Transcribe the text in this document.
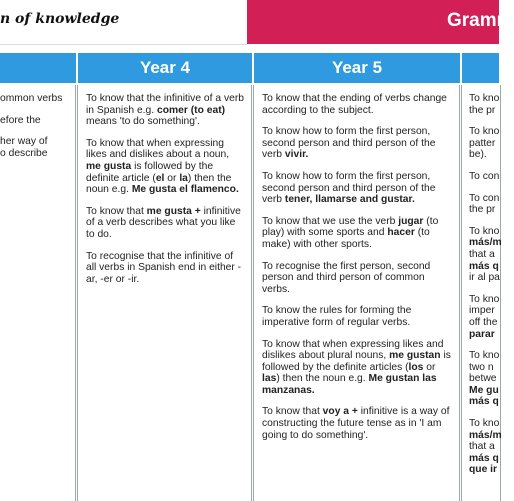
n of knowledge	Gramm
Year 4	Year 5

ommon verbs

efore the

her way of
o describe

To know that the infinitive of a verb in Spanish e.g. comer (to eat) means 'to do something'.

To know that when expressing likes and dislikes about a noun, me gusta is followed by the definite article (el or la) then the noun e.g. Me gusta el flamenco.

To know that me gusta + infinitive of a verb describes what you like to do.

To recognise that the infinitive of all verbs in Spanish end in either -ar, -er or -ir.

To know that the ending of verbs change according to the subject.

To know how to form the first person, second person and third person of the verb vivir.

To know how to form the first person, second person and third person of the verb tener, llamarse and gustar.

To know that we use the verb jugar (to play) with some sports and hacer (to make) with other sports.

To recognise the first person, second person and third person of common verbs.

To know the rules for forming the imperative form of regular verbs.

To know that when expressing likes and dislikes about plural nouns, me gustan is followed by the definite articles (los or las) then the noun e.g. Me gustan las manzanas.

To know that voy a + infinitive is a way of constructing the future tense as in 'I am going to do something'.

To kno
the pr

To kno
patter
be).

To con

To con
the pr

To kno
más/m
that a
más q
ir al pa

To kno
imper
off the
parar

To kno
two n
betwe
Me gu
más q

To kno
más/m
that a
más q
que ir
